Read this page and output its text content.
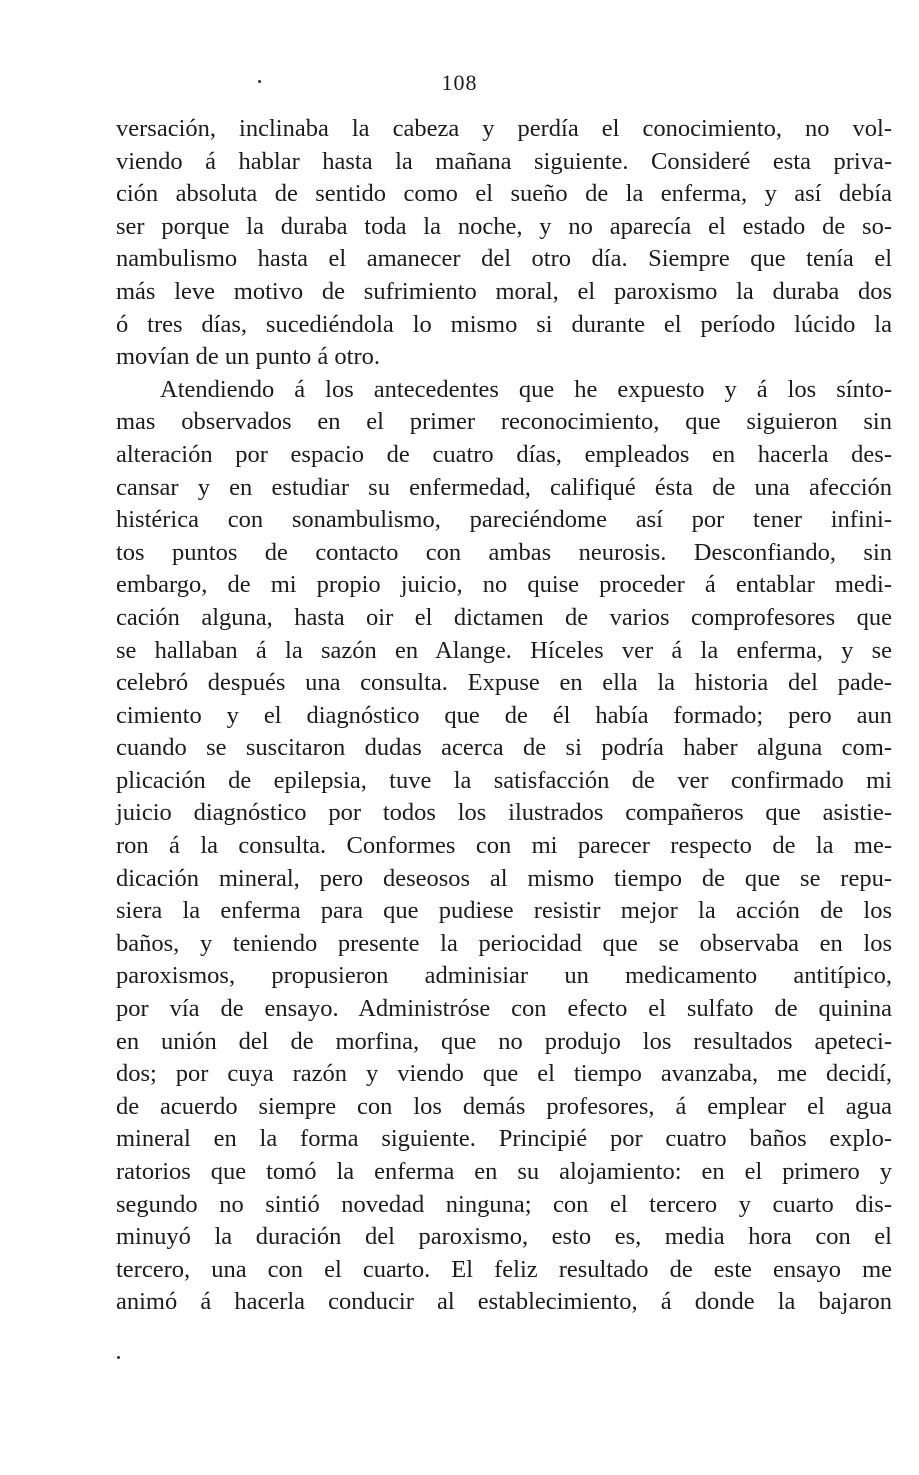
108
versación, inclinaba la cabeza y perdía el conocimiento, no vol-
viendo á hablar hasta la mañana siguiente. Consideré esta priva-
ción absoluta de sentido como el sueño de la enferma, y así debía
ser porque la duraba toda la noche, y no aparecía el estado de so-
nambulismo hasta el amanecer del otro día. Siempre que tenía el
más leve motivo de sufrimiento moral, el paroxismo la duraba dos
ó tres días, sucediéndola lo mismo si durante el período lúcido la
movían de un punto á otro.
Atendiendo á los antecedentes que he expuesto y á los sínto-
mas observados en el primer reconocimiento, que siguieron sin
alteración por espacio de cuatro días, empleados en hacerla des-
cansar y en estudiar su enfermedad, califiqué ésta de una afección
histérica con sonambulismo, pareciéndome así por tener infini-
tos puntos de contacto con ambas neurosis. Desconfiando, sin
embargo, de mi propio juicio, no quise proceder á entablar medi-
cación alguna, hasta oir el dictamen de varios comprofesores que
se hallaban á la sazón en Alange. Híceles ver á la enferma, y se
celebró después una consulta. Expuse en ella la historia del pade-
cimiento y el diagnóstico que de él había formado; pero aun
cuando se suscitaron dudas acerca de si podría haber alguna com-
plicación de epilepsia, tuve la satisfacción de ver confirmado mi
juicio diagnóstico por todos los ilustrados compañeros que asistie-
ron á la consulta. Conformes con mi parecer respecto de la me-
dicación mineral, pero deseosos al mismo tiempo de que se repu-
siera la enferma para que pudiese resistir mejor la acción de los
baños, y teniendo presente la periocidad que se observaba en los
paroxismos, propusieron adminisiar un medicamento antitípico,
por vía de ensayo. Administróse con efecto el sulfato de quinina
en unión del de morfina, que no produjo los resultados apeteci-
dos; por cuya razón y viendo que el tiempo avanzaba, me decidí,
de acuerdo siempre con los demás profesores, á emplear el agua
mineral en la forma siguiente. Principié por cuatro baños explo-
ratorios que tomó la enferma en su alojamiento: en el primero y
segundo no sintió novedad ninguna; con el tercero y cuarto dis-
minuyó la duración del paroxismo, esto es, media hora con el
tercero, una con el cuarto. El feliz resultado de este ensayo me
animó á hacerla conducir al establecimiento, á donde la bajaron
